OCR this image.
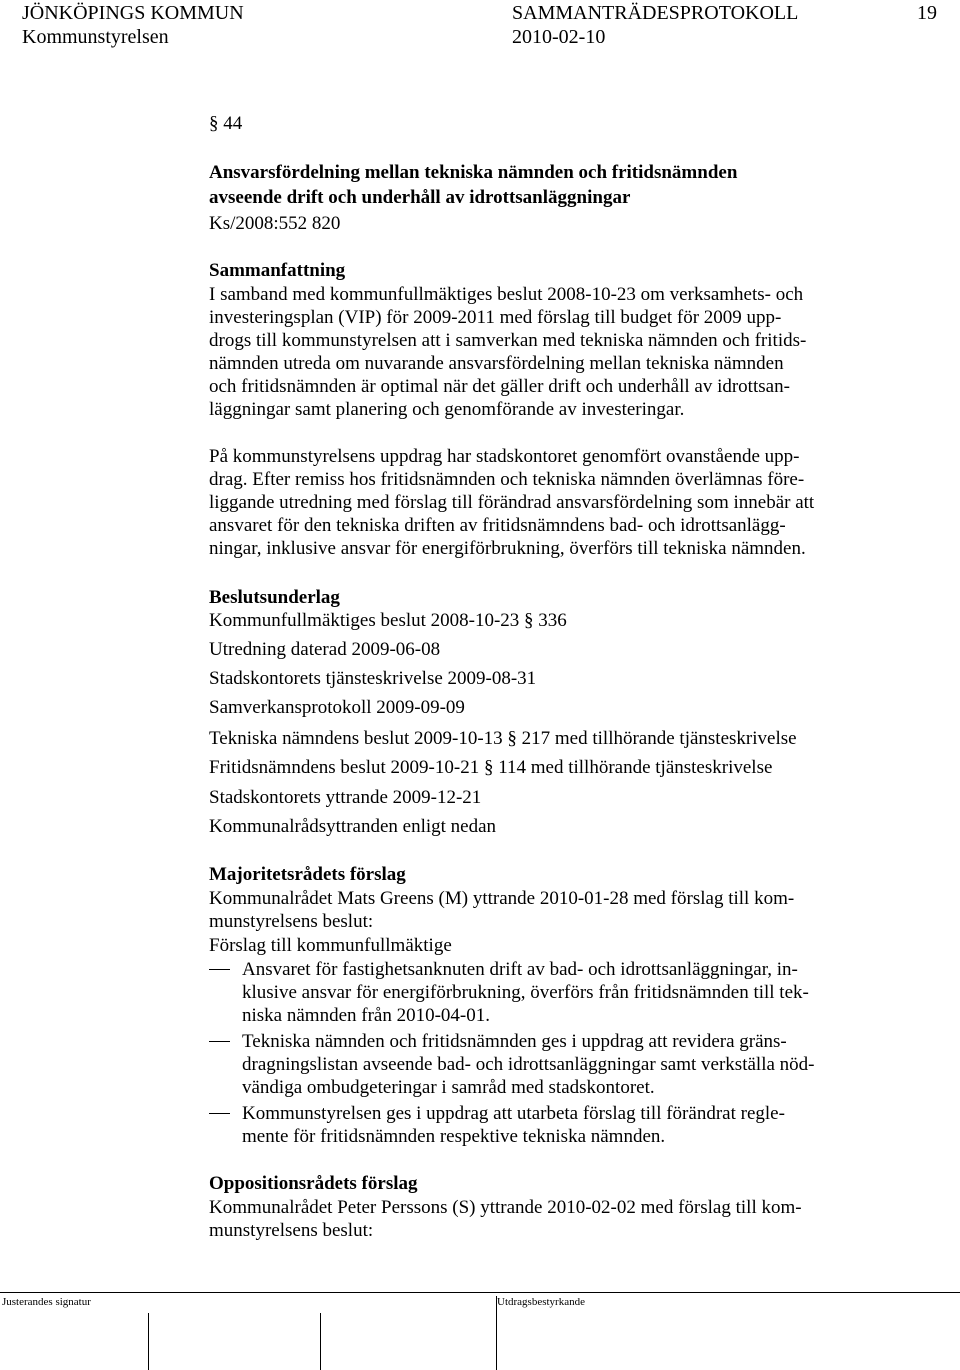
JÖNKÖPINGS KOMMUN	SAMMANTRÄDESPROTOKOLL	19
Kommunstyrelsen	2010-02-10
§ 44
Ansvarsfördelning mellan tekniska nämnden och fritidsnämnden
avseende drift och underhåll av idrottsanläggningar
Ks/2008:552 820
Sammanfattning
I samband med kommunfullmäktiges beslut 2008-10-23 om verksamhets- och
investeringsplan (VIP) för 2009-2011 med förslag till budget för 2009 upp-
drogs till kommunstyrelsen att i samverkan med tekniska nämnden och fritids-
nämnden utreda om nuvarande ansvarsfördelning mellan tekniska nämnden
och fritidsnämnden är optimal när det gäller drift och underhåll av idrottsan-
läggningar samt planering och genomförande av investeringar.
På kommunstyrelsens uppdrag har stadskontoret genomfört ovanstående upp-
drag. Efter remiss hos fritidsnämnden och tekniska nämnden överlämnas före-
liggande utredning med förslag till förändrad ansvarsfördelning som innebär att
ansvaret för den tekniska driften av fritidsnämndens bad- och idrottsanlägg-
ningar, inklusive ansvar för energiförbrukning, överförs till tekniska nämnden.
Beslutsunderlag
Kommunfullmäktiges beslut 2008-10-23 § 336
Utredning daterad 2009-06-08
Stadskontorets tjänsteskrivelse 2009-08-31
Samverkansprotokoll 2009-09-09
Tekniska nämndens beslut 2009-10-13 § 217 med tillhörande tjänsteskrivelse
Fritidsnämndens beslut 2009-10-21 § 114 med tillhörande tjänsteskrivelse
Stadskontorets yttrande 2009-12-21
Kommunalrådsyttranden enligt nedan
Majoritetsrådets förslag
Kommunalrådet Mats Greens (M) yttrande 2010-01-28 med förslag till kom-
munstyrelsens beslut:
Förslag till kommunfullmäktige
Ansvaret för fastighetsanknuten drift av bad- och idrottsanläggningar, in-
klusive ansvar för energiförbrukning, överförs från fritidsnämnden till tek-
niska nämnden från 2010-04-01.
Tekniska nämnden och fritidsnämnden ges i uppdrag att revidera gräns-
dragningslistan avseende bad- och idrottsanläggningar samt verkställa nöd-
vändiga ombudgeteringar i samråd med stadskontoret.
Kommunstyrelsen ges i uppdrag att utarbeta förslag till förändrat regle-
mente för fritidsnämnden respektive tekniska nämnden.
Oppositionsrådets förslag
Kommunalrådet Peter Perssons (S) yttrande 2010-02-02 med förslag till kom-
munstyrelsens beslut:
Justerandes signatur	Utdragsbestyrkande
